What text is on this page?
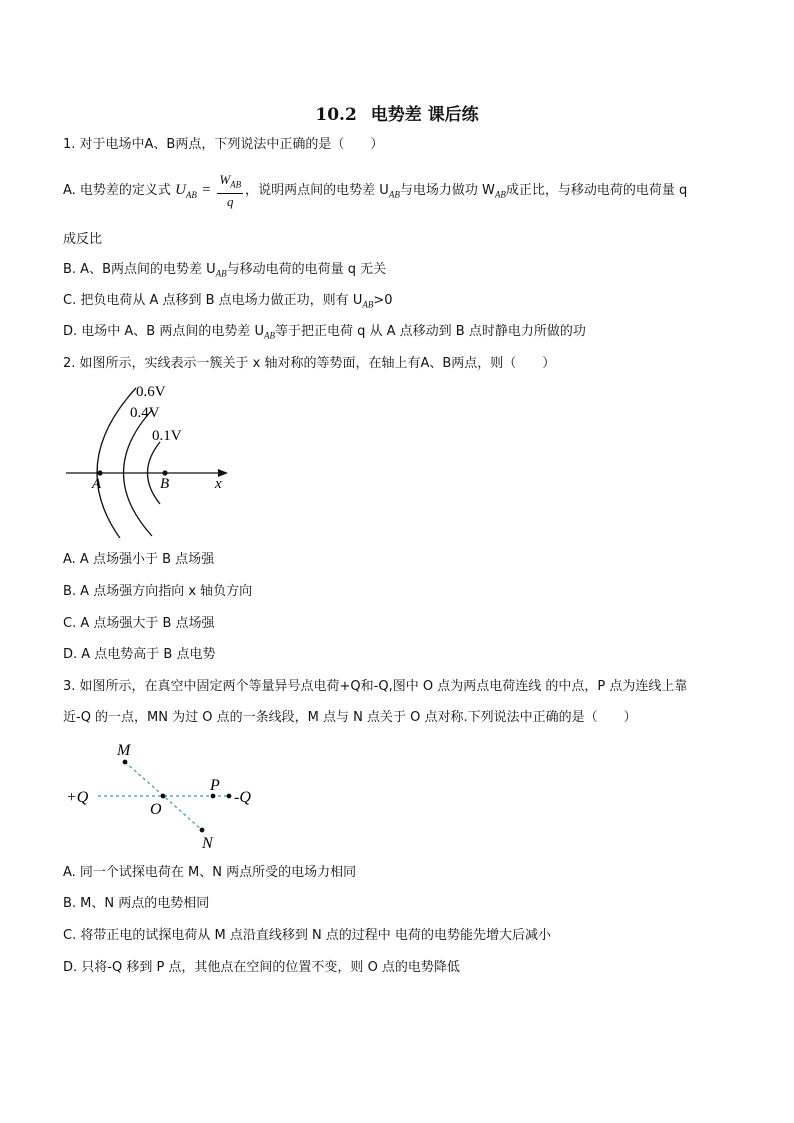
10.2 电势差 课后练
1. 对于电场中A、B两点，下列说法中正确的是（　　）
A. 电势差的定义式 $U_{AB} = \frac{W_{AB}}{q}$ ，说明两点间的电势差 $U_{AB}$与电场力做功 $W_{AB}$成正比，与移动电荷的电荷量 q
成反比
B. A、B两点间的电势差 $U_{AB}$与移动电荷的电荷量 q 无关
C. 把负电荷从 A 点移到 B 点电场力做正功，则有 $U_{AB}>0$
D. 电场中 A、B 两点间的电势差 $U_{AB}$等于把正电荷 q 从 A 点移动到 B 点时静电力所做的功
2. 如图所示，实线表示一簇关于 x 轴对称的等势面，在轴上有A、B两点，则（　　）
0.6V
0.4V
0.1V
A	B	x
A. A 点场强小于 B 点场强
B. A 点场强方向指向 x 轴负方向
C. A 点场强大于 B 点场强
D. A 点电势高于 B 点电势
3. 如图所示，在真空中固定两个等量异号点电荷+Q和-Q,图中 O 点为两点电荷连线 的中点，P 点为连线上靠
近-Q 的一点，MN 为过 O 点的一条线段，M 点与 N 点关于 O 点对称.下列说法中正确的是（　　）
+Q	-Q
M
N
O
P
A. 同一个试探电荷在 M、N 两点所受的电场力相同
B. M、N 两点的电势相同
C. 将带正电的试探电荷从 M 点沿直线移到 N 点的过程中 电荷的电势能先增大后减小
D. 只将-Q 移到 P 点，其他点在空间的位置不变，则 O 点的电势降低
